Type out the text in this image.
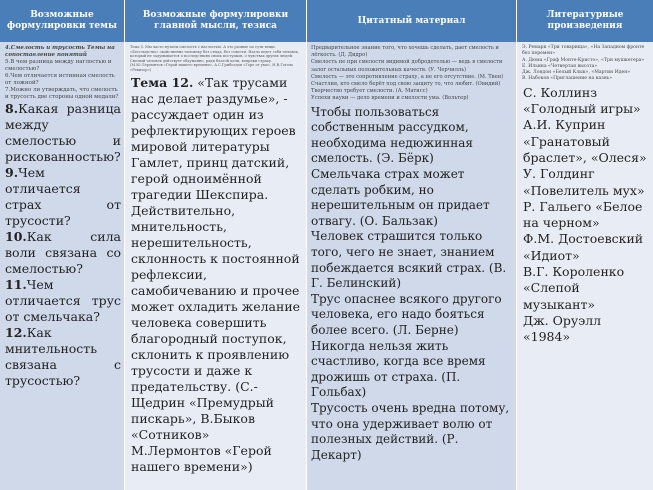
Возможные формулировки темы
Возможные формулировки главной мысли, тезиса
Цитатный материал
Литературные произведения

4.Смелость и трусость Темы на сопоставление понятий

5.В чем разница между наглостью и смелостью?

6.Чем отличается истинная смелость от ложной?

7.Можно ли утверждать, что смелость и трусость две стороны одной медали?

8.Какая разница между смелостью и рискованностью?

9.Чем отличается страх от трусости?

10.Как сила воли связана со смелостью?

11.Чем отличается трус от смельчака?

12.Как мнительность связана с трусостью?

Тема 5. Мы часто путаем смелость с наглостью. А это разные по сути вещи. «Бесстыдство» свойственно человеку без стыда, без совести. Нагло ведет себя человек, который не задумывается о последствиях своих поступков, о чувствах других людей. Смелый человек действует обдуманно, ради благой цели, вопреки страху. (М.Ю.Лермонтов «Герой нашего времени», А.С.Грибоедов «Горе от ума», Н.В.Гоголь «Ревизор»)

Тема 12. «Так трусами нас делает раздумье», - рассуждает один из рефлектирующих героев мировой литературы Гамлет, принц датский, герой одноимённой трагедии Шекспира. Действительно, мнительность, нерешительность, склонность к постоянной рефлексии, самобичеванию и прочее может охладить желание человека совершить благородный поступок, склонить к проявлению трусости и даже к предательству. (С.-Щедрин «Премудрый пискарь», В.Быков «Сотников» М.Лермонтов «Герой нашего времени»)

Предварительное знание того, что хочешь сделать, дает смелость и лёгкость. (Д. Дидро)

Смелость не при смелости видимой добродетелью — ведь в смелости залог остальных положительных качеств. (У. Черчилль)

Смелость — это сопротивление страху, а не его отсутствие. (М. Твен)

Счастлив, кто смело берёт под свою защиту то, что любит. (Овидий)

Творчество требует смелости. (А. Матисс)

Успехи науки — дело времени и смелости ума. (Вольтер)

Чтобы пользоваться собственным рассудком, необходима недюжинная смелость. (Э. Бёрк)

Смельчака страх может сделать робким, но нерешительным он придает отвагу. (О. Бальзак)

Человек страшится только того, чего не знает, знанием побеждается всякий страх. (В. Г. Белинский)

Трус опаснее всякого другого человека, его надо бояться более всего. (Л. Берне)

Никогда нельзя жить счастливо, когда все время дрожишь от страха. (П. Гольбах)

Трусость очень вредна потому, что она удерживает волю от полезных действий. (Р. Декарт)

Э. Ремарк «Три товарища», «На Западном фронте без перемен»

А. Дюма «Граф Монте-Кристо», «Три мушкетера»

Е. Ильина «Четвертая высота»

Дж. Лондон «Белый Клык», «Мартин Иден»

В. Набоков «Приглашение на казнь»

С. Коллинз «Голодный игры»

А.И. Куприн «Гранатовый браслет», «Олеся»

У. Голдинг «Повелитель мух»

Р. Гальего «Белое на черном»

Ф.М. Достоевский «Идиот»

В.Г. Короленко «Слепой музыкант»

Дж. Оруэлл «1984»
